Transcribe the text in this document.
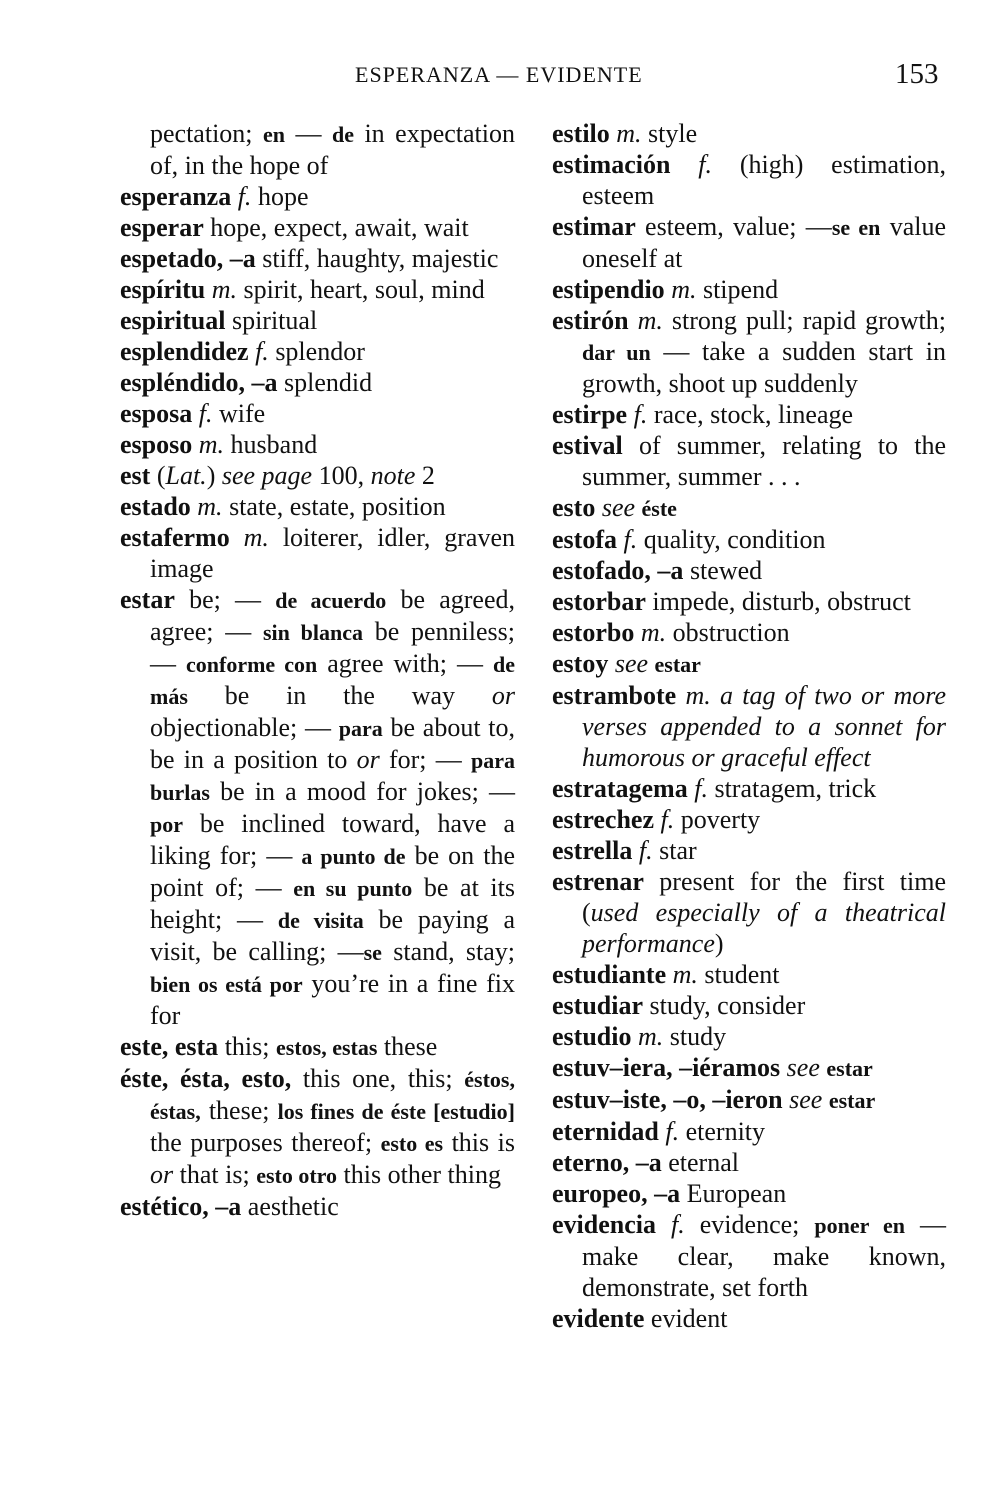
ESPERANZA — EVIDENTE	153

pectation; en — de in expectation of, in the hope of

esperanza f. hope

esperar hope, expect, await, wait

espetado, –a stiff, haughty, majestic

espíritu m. spirit, heart, soul, mind

espiritual spiritual

esplendidez f. splendor

espléndido, –a splendid

esposa f. wife

esposo m. husband

est (Lat.) see page 100, note 2

estado m. state, estate, position

estafermo m. loiterer, idler, graven image

estar be; — de acuerdo be agreed, agree; — sin blanca be penniless; — conforme con agree with; — de más be in the way or objectionable; — para be about to, be in a position to or for; — para burlas be in a mood for jokes; — por be inclined toward, have a liking for; — a punto de be on the point of; — en su punto be at its height; — de visita be paying a visit, be calling; —se stand, stay; bien os está por you’re in a fine fix for

este, esta this; estos, estas these

éste, ésta, esto, this one, this; éstos, éstas, these; los fines de éste [estudio] the purposes thereof; esto es this is or that is; esto otro this other thing

estético, –a aesthetic

estilo m. style

estimación f. (high) estimation, esteem

estimar esteem, value; —se en value oneself at

estipendio m. stipend

estirón m. strong pull; rapid growth; dar un — take a sudden start in growth, shoot up suddenly

estirpe f. race, stock, lineage

estival of summer, relating to the summer, summer . . .

esto see éste

estofa f. quality, condition

estofado, –a stewed

estorbar impede, disturb, obstruct

estorbo m. obstruction

estoy see estar

estrambote m. a tag of two or more verses appended to a sonnet for humorous or graceful effect

estratagema f. stratagem, trick

estrechez f. poverty

estrella f. star

estrenar present for the first time (used especially of a theatrical performance)

estudiante m. student

estudiar study, consider

estudio m. study

estuv–iera, –iéramos see estar

estuv–iste, –o, –ieron see estar

eternidad f. eternity

eterno, –a eternal

europeo, –a European

evidencia f. evidence; poner en — make clear, make known, demonstrate, set forth

evidente evident
